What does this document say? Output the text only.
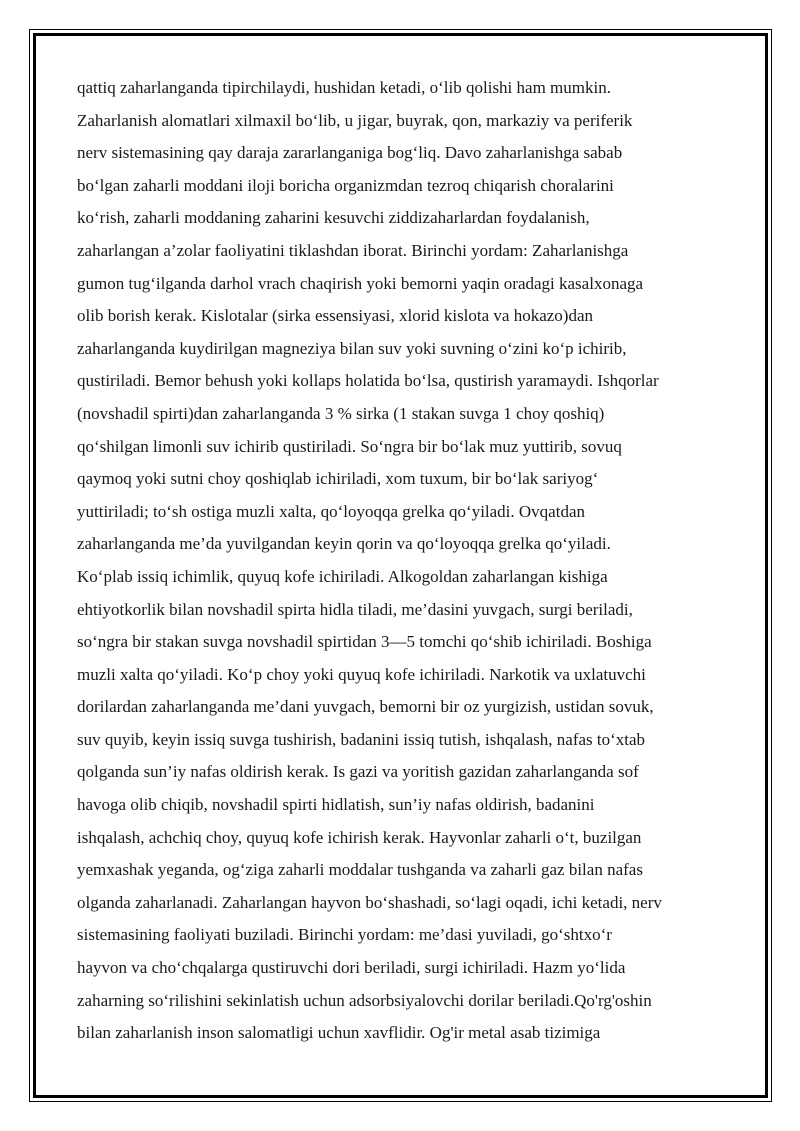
qattiq zaharlanganda tipirchilaydi, hushidan ketadi, o‘lib qolishi ham mumkin.
Zaharlanish alomatlari xilmaxil bo‘lib, u jigar, buyrak, qon, markaziy va periferik
nerv sistemasining qay daraja zararlanganiga bog‘liq. Davo zaharlanishga sabab
bo‘lgan zaharli moddani iloji boricha organizmdan tezroq chiqarish choralarini
ko‘rish, zaharli moddaning zaharini kesuvchi ziddizaharlardan foydalanish,
zaharlangan a’zolar faoliyatini tiklashdan iborat. Birinchi yordam: Zaharlanishga
gumon tug‘ilganda darhol vrach chaqirish yoki bemorni yaqin oradagi kasalxonaga
olib borish kerak. Kislotalar (sirka essensiyasi, xlorid kislota va hokazo)dan
zaharlanganda kuydirilgan magneziya bilan suv yoki suvning o‘zini ko‘p ichirib,
qustiriladi. Bemor behush yoki kollaps holatida bo‘lsa, qustirish yaramaydi. Ishqorlar
(novshadil spirti)dan zaharlanganda 3 % sirka (1 stakan suvga 1 choy qoshiq)
qo‘shilgan limonli suv ichirib qustiriladi. So‘ngra bir bo‘lak muz yuttirib, sovuq
qaymoq yoki sutni choy qoshiqlab ichiriladi, xom tuxum, bir bo‘lak sariyog‘
yuttiriladi; to‘sh ostiga muzli xalta, qo‘loyoqqa grelka qo‘yiladi. Ovqatdan
zaharlanganda me’da yuvilgandan keyin qorin va qo‘loyoqqa grelka qo‘yiladi.
Ko‘plab issiq ichimlik, quyuq kofe ichiriladi. Alkogoldan zaharlangan kishiga
ehtiyotkorlik bilan novshadil spirta hidla tiladi, me’dasini yuvgach, surgi beriladi,
so‘ngra bir stakan suvga novshadil spirtidan 3—5 tomchi qo‘shib ichiriladi. Boshiga
muzli xalta qo‘yiladi. Ko‘p choy yoki quyuq kofe ichiriladi. Narkotik va uxlatuvchi
dorilardan zaharlanganda me’dani yuvgach, bemorni bir oz yurgizish, ustidan sovuk,
suv quyib, keyin issiq suvga tushirish, badanini issiq tutish, ishqalash, nafas to‘xtab
qolganda sun’iy nafas oldirish kerak. Is gazi va yoritish gazidan zaharlanganda sof
havoga olib chiqib, novshadil spirti hidlatish, sun’iy nafas oldirish, badanini
ishqalash, achchiq choy, quyuq kofe ichirish kerak. Hayvonlar zaharli o‘t, buzilgan
yemxashak yeganda, og‘ziga zaharli moddalar tushganda va zaharli gaz bilan nafas
olganda zaharlanadi. Zaharlangan hayvon bo‘shashadi, so‘lagi oqadi, ichi ketadi, nerv
sistemasining faoliyati buziladi. Birinchi yordam: me’dasi yuviladi, go‘shtxo‘r
hayvon va cho‘chqalarga qustiruvchi dori beriladi, surgi ichiriladi. Hazm yo‘lida
zaharning so‘rilishini sekinlatish uchun adsorbsiyalovchi dorilar beriladi.Qo'rg'oshin
bilan zaharlanish inson salomatligi uchun xavflidir. Og'ir metal asab tizimiga
